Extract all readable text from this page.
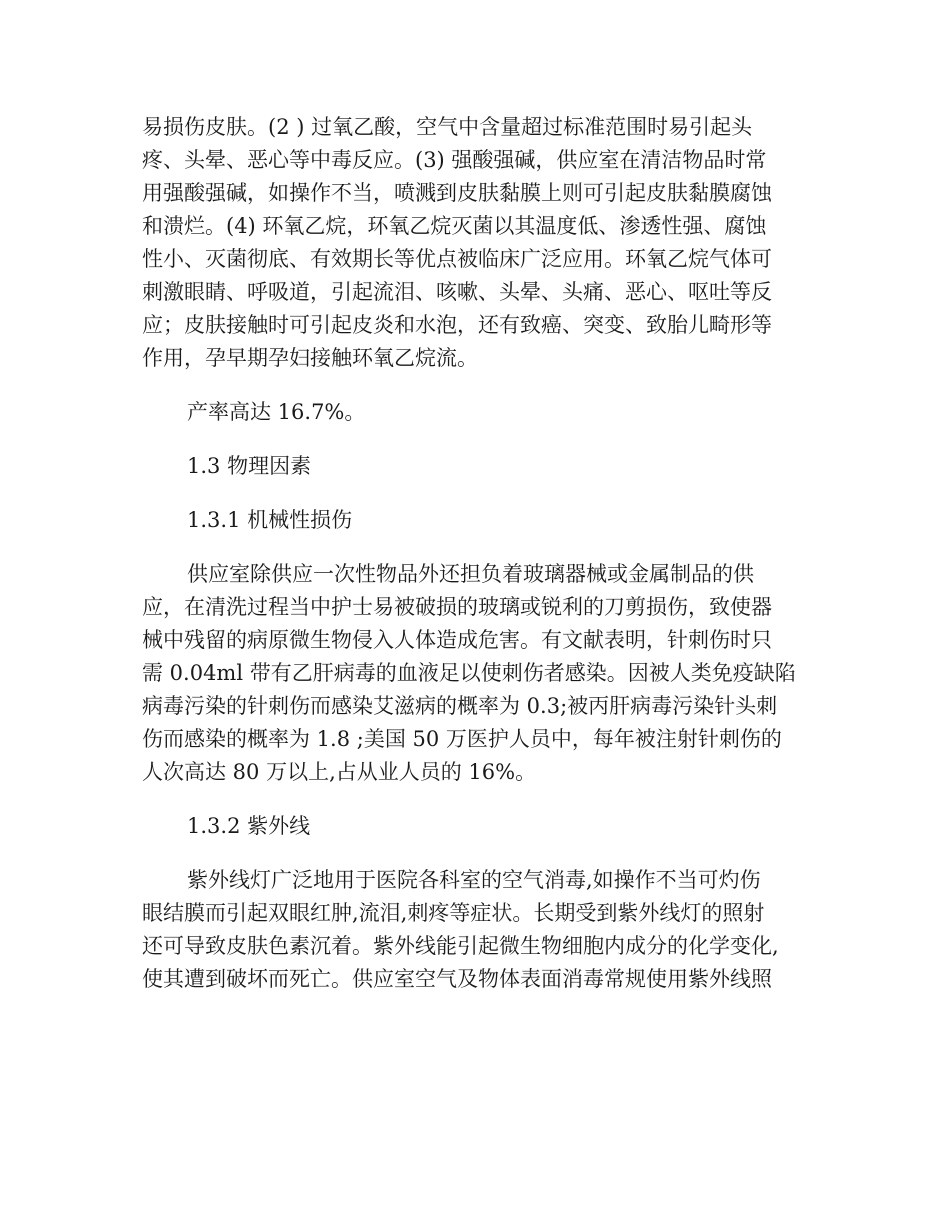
易损伤皮肤。(2 ) 过氧乙酸，空气中含量超过标准范围时易引起头
疼、头晕、恶心等中毒反应。(3) 强酸强碱，供应室在清洁物品时常
用强酸强碱，如操作不当，喷溅到皮肤黏膜上则可引起皮肤黏膜腐蚀
和溃烂。(4) 环氧乙烷，环氧乙烷灭菌以其温度低、渗透性强、腐蚀
性小、灭菌彻底、有效期长等优点被临床广泛应用。环氧乙烷气体可
刺激眼睛、呼吸道，引起流泪、咳嗽、头晕、头痛、恶心、呕吐等反
应；皮肤接触时可引起皮炎和水泡，还有致癌、突变、致胎儿畸形等
作用，孕早期孕妇接触环氧乙烷流。
产率高达 16.7%。
1.3 物理因素
1.3.1 机械性损伤
供应室除供应一次性物品外还担负着玻璃器械或金属制品的供
应，在清洗过程当中护士易被破损的玻璃或锐利的刀剪损伤，致使器
械中残留的病原微生物侵入人体造成危害。有文献表明，针刺伤时只
需 0.04ml 带有乙肝病毒的血液足以使刺伤者感染。因被人类免疫缺陷
病毒污染的针刺伤而感染艾滋病的概率为 0.3;被丙肝病毒污染针头刺
伤而感染的概率为 1.8 ;美国 50 万医护人员中，每年被注射针刺伤的
人次高达 80 万以上,占从业人员的 16%。
1.3.2 紫外线
紫外线灯广泛地用于医院各科室的空气消毒,如操作不当可灼伤
眼结膜而引起双眼红肿,流泪,刺疼等症状。长期受到紫外线灯的照射
还可导致皮肤色素沉着。紫外线能引起微生物细胞内成分的化学变化,
使其遭到破坏而死亡。供应室空气及物体表面消毒常规使用紫外线照
